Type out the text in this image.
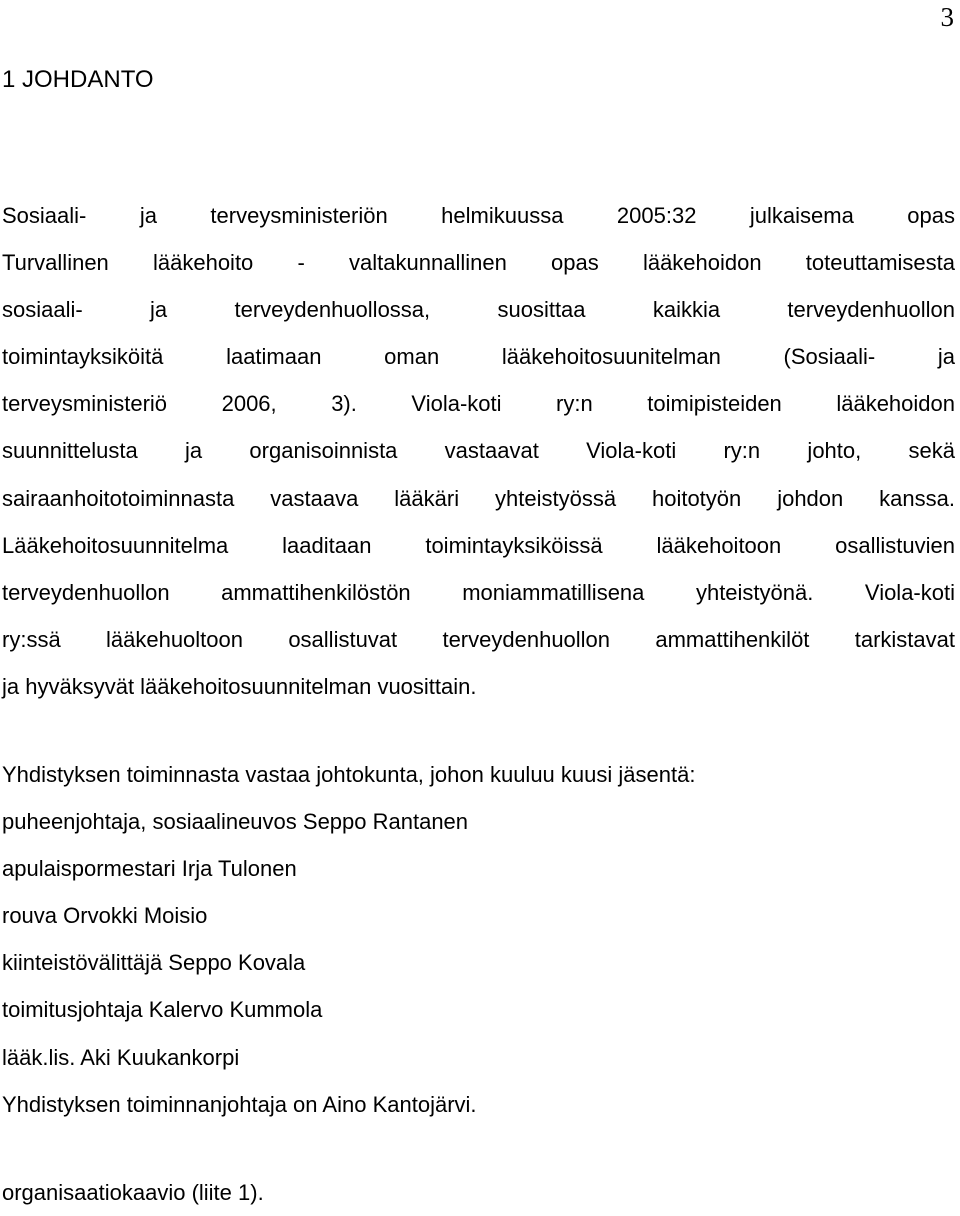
3
1 JOHDANTO
Sosiaali- ja terveysministeriön helmikuussa 2005:32 julkaisema opas
Turvallinen lääkehoito - valtakunnallinen opas lääkehoidon toteuttamisesta
sosiaali- ja terveydenhuollossa, suosittaa kaikkia terveydenhuollon
toimintayksiköitä laatimaan oman lääkehoitosuunitelman (Sosiaali- ja
terveysministeriö 2006, 3). Viola-koti ry:n toimipisteiden lääkehoidon
suunnittelusta ja organisoinnista vastaavat Viola-koti ry:n johto, sekä
sairaanhoitotoiminnasta vastaava lääkäri yhteistyössä hoitotyön johdon kanssa.
Lääkehoitosuunnitelma laaditaan toimintayksiköissä lääkehoitoon osallistuvien
terveydenhuollon ammattihenkilöstön moniammatillisena yhteistyönä. Viola-koti
ry:ssä lääkehuoltoon osallistuvat terveydenhuollon ammattihenkilöt tarkistavat
ja hyväksyvät lääkehoitosuunnitelman vuosittain.
Yhdistyksen toiminnasta vastaa johtokunta, johon kuuluu kuusi jäsentä:
puheenjohtaja, sosiaalineuvos Seppo Rantanen
apulaispormestari Irja Tulonen
rouva Orvokki Moisio
kiinteistövälittäjä Seppo Kovala
toimitusjohtaja Kalervo Kummola
lääk.lis. Aki Kuukankorpi
Yhdistyksen toiminnanjohtaja on Aino Kantojärvi.
organisaatiokaavio (liite 1).
